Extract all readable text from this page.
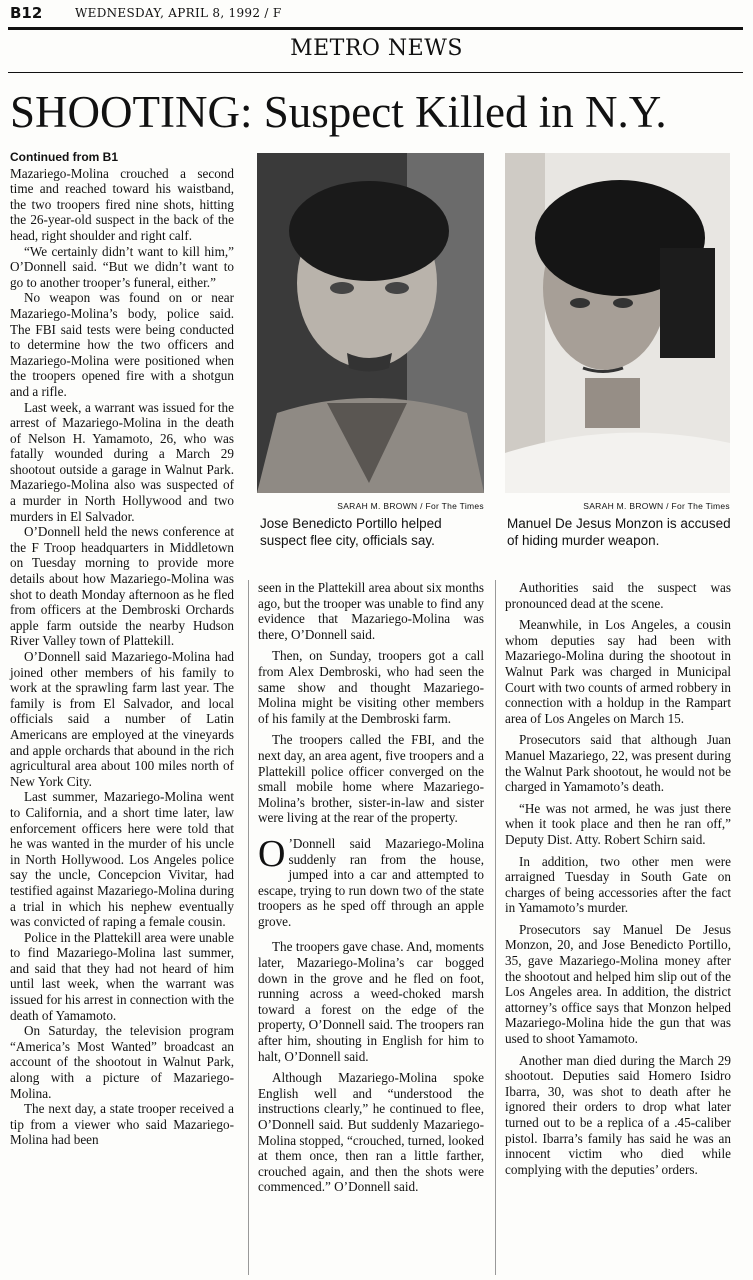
B12	WEDNESDAY, APRIL 8, 1992 / F
METRO NEWS
SHOOTING: Suspect Killed in N.Y.
SARAH M. BROWN / For The Times
Jose Benedicto Portillo helped suspect flee city, officials say.
SARAH M. BROWN / For The Times
Manuel De Jesus Monzon is accused of hiding murder weapon.

Continued from B1

Mazariego-Molina crouched a second time and reached toward his waistband, the two troopers fired nine shots, hitting the 26-year-old suspect in the back of the head, right shoulder and right calf.

“We certainly didn’t want to kill him,” O’Donnell said. “But we didn’t want to go to another trooper’s funeral, either.”

No weapon was found on or near Mazariego-Molina’s body, police said. The FBI said tests were being conducted to determine how the two officers and Mazariego-Molina were positioned when the troopers opened fire with a shotgun and a rifle.

Last week, a warrant was issued for the arrest of Mazariego-Molina in the death of Nelson H. Yamamoto, 26, who was fatally wounded during a March 29 shootout outside a garage in Walnut Park. Mazariego-Molina also was suspected of a murder in North Hollywood and two murders in El Salvador.

O’Donnell held the news conference at the F Troop headquarters in Middletown on Tuesday morning to provide more details about how Mazariego-Molina was shot to death Monday afternoon as he fled from officers at the Dembroski Orchards apple farm outside the nearby Hudson River Valley town of Plattekill.

O’Donnell said Mazariego-Molina had joined other members of his family to work at the sprawling farm last year. The family is from El Salvador, and local officials said a number of Latin Americans are employed at the vineyards and apple orchards that abound in the rich agricultural area about 100 miles north of New York City.

Last summer, Mazariego-Molina went to California, and a short time later, law enforcement officers here were told that he was wanted in the murder of his uncle in North Hollywood. Los Angeles police say the uncle, Concepcion Vivitar, had testified against Mazariego-Molina during a trial in which his nephew eventually was convicted of raping a female cousin.

Police in the Plattekill area were unable to find Mazariego-Molina last summer, and said that they had not heard of him until last week, when the warrant was issued for his arrest in connection with the death of Yamamoto.

On Saturday, the television program “America’s Most Wanted” broadcast an account of the shootout in Walnut Park, along with a picture of Mazariego-Molina.

The next day, a state trooper received a tip from a viewer who said Mazariego-Molina had been

seen in the Plattekill area about six months ago, but the trooper was unable to find any evidence that Mazariego-Molina was there, O’Donnell said.

Then, on Sunday, troopers got a call from Alex Dembroski, who had seen the same show and thought Mazariego-Molina might be visiting other members of his family at the Dembroski farm.

The troopers called the FBI, and the next day, an area agent, five troopers and a Plattekill police officer converged on the small mobile home where Mazariego-Molina’s brother, sister-in-law and sister were living at the rear of the property.

O ’Donnell said Mazariego-Molina suddenly ran from the house, jumped into a car and attempted to escape, trying to run down two of the state troopers as he sped off through an apple grove.

The troopers gave chase. And, moments later, Mazariego-Molina’s car bogged down in the grove and he fled on foot, running across a weed-choked marsh toward a forest on the edge of the property, O’Donnell said. The troopers ran after him, shouting in English for him to halt, O’Donnell said.

Although Mazariego-Molina spoke English well and “understood the instructions clearly,” he continued to flee, O’Donnell said. But suddenly Mazariego-Molina stopped, “crouched, turned, looked at them once, then ran a little farther, crouched again, and then the shots were commenced.” O’Donnell said.

Authorities said the suspect was pronounced dead at the scene.

Meanwhile, in Los Angeles, a cousin whom deputies say had been with Mazariego-Molina during the shootout in Walnut Park was charged in Municipal Court with two counts of armed robbery in connection with a holdup in the Rampart area of Los Angeles on March 15.

Prosecutors said that although Juan Manuel Mazariego, 22, was present during the Walnut Park shootout, he would not be charged in Yamamoto’s death.

“He was not armed, he was just there when it took place and then he ran off,” Deputy Dist. Atty. Robert Schirn said.

In addition, two other men were arraigned Tuesday in South Gate on charges of being accessories after the fact in Yamamoto’s murder.

Prosecutors say Manuel De Jesus Monzon, 20, and Jose Benedicto Portillo, 35, gave Mazariego-Molina money after the shootout and helped him slip out of the Los Angeles area. In addition, the district attorney’s office says that Monzon helped Mazariego-Molina hide the gun that was used to shoot Yamamoto.

Another man died during the March 29 shootout. Deputies said Homero Isidro Ibarra, 30, was shot to death after he ignored their orders to drop what later turned out to be a replica of a .45-caliber pistol. Ibarra’s family has said he was an innocent victim who died while complying with the deputies’ orders.
